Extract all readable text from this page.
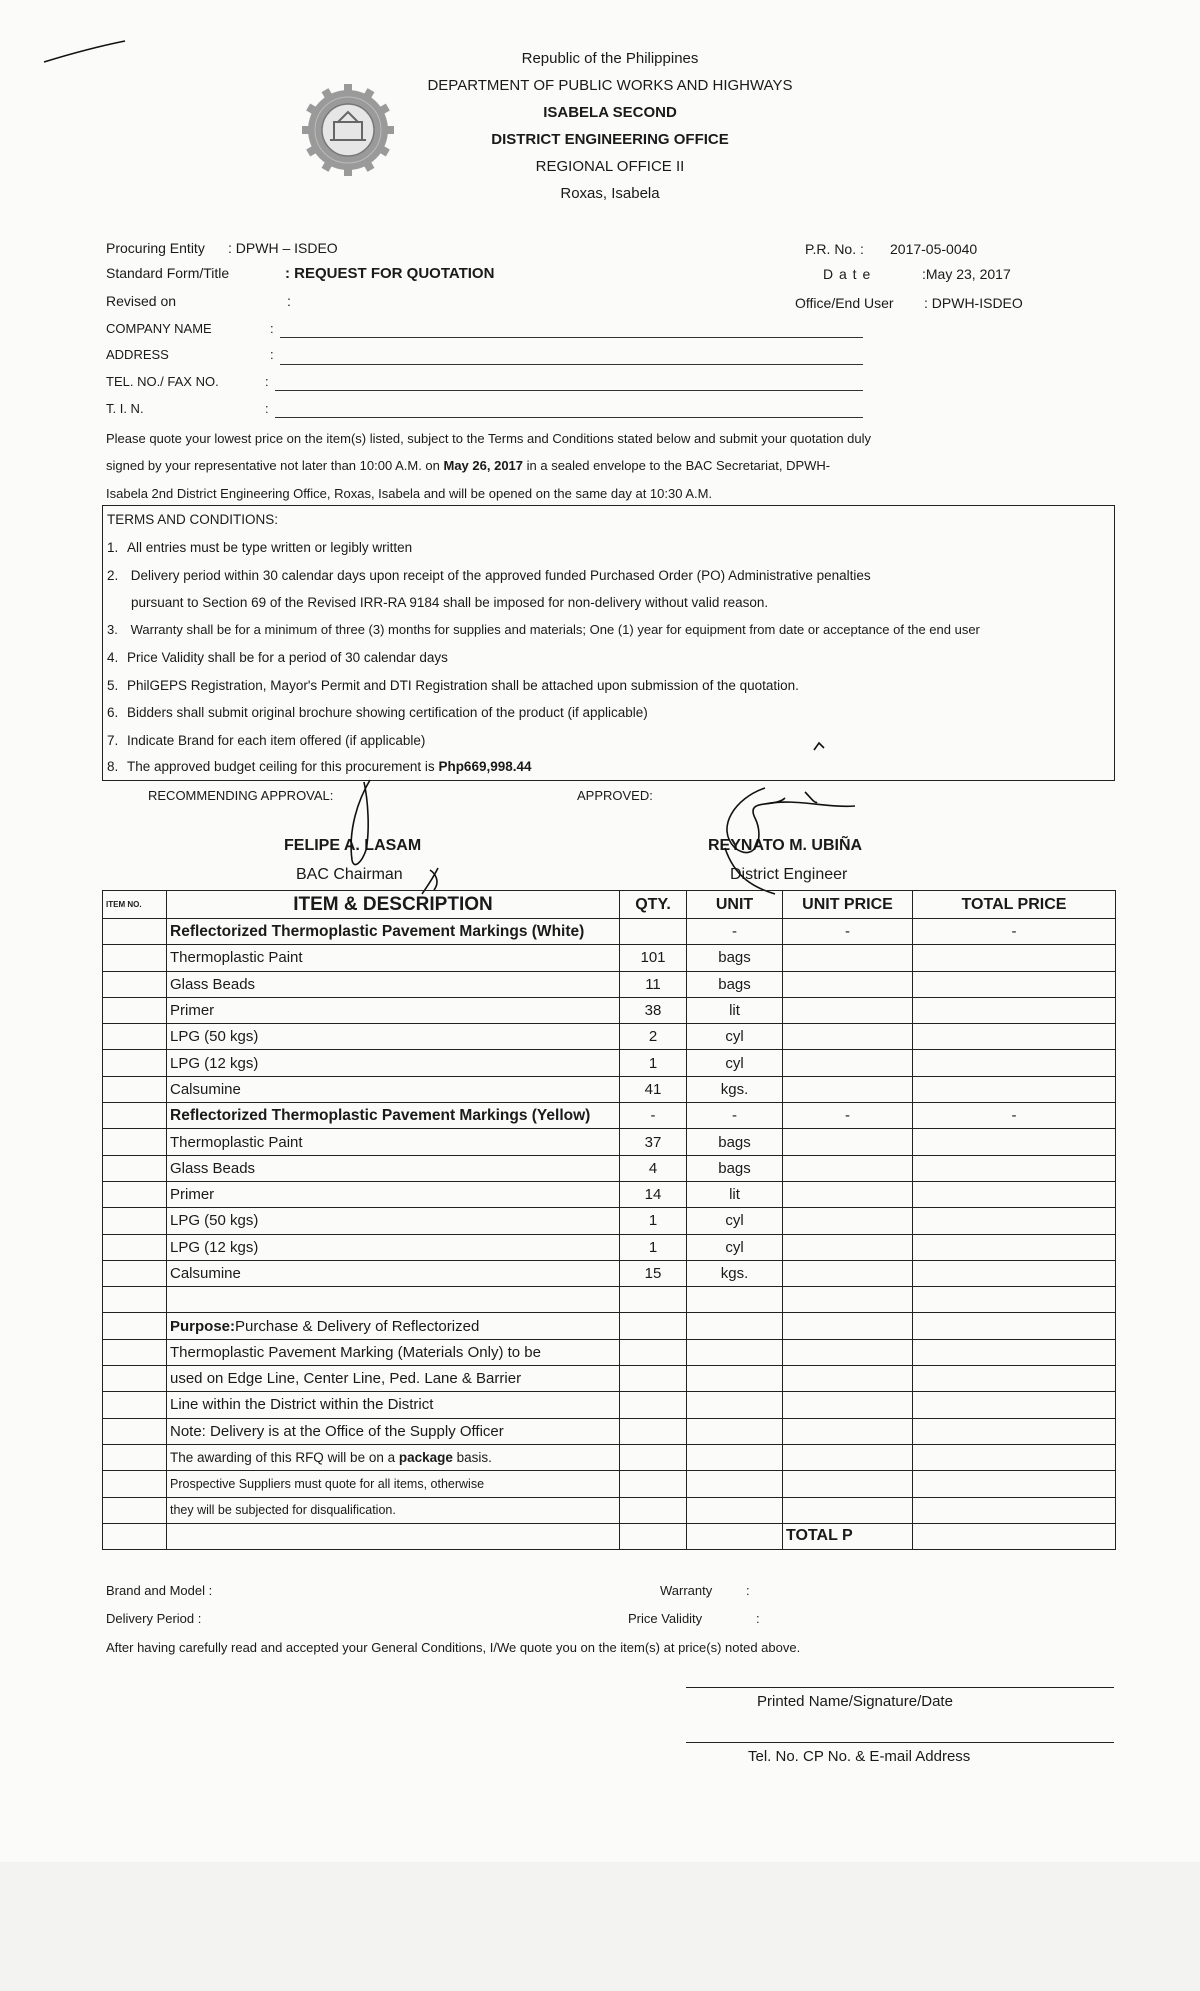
Republic of the Philippines
DEPARTMENT OF PUBLIC WORKS AND HIGHWAYS
ISABELA SECOND
DISTRICT ENGINEERING OFFICE
REGIONAL OFFICE II
Roxas, Isabela
Procuring Entity : DPWH – ISDEO
Standard Form/Title	: REQUEST FOR QUOTATION
Revised on	:
COMPANY NAME	:
ADDRESS	:
TEL. NO./ FAX NO.	:
T. I. N.	:
P.R. No. : 2017-05-0040
D a t e	:May 23, 2017
Office/End User : DPWH-ISDEO
Please quote your lowest price on the item(s) listed, subject to the Terms and Conditions stated below and submit your quotation duly
signed by your representative not later than 10:00 A.M. on May 26, 2017 in a sealed envelope to the BAC Secretariat, DPWH-
Isabela 2nd District Engineering Office, Roxas, Isabela and will be opened on the same day at 10:30 A.M.
TERMS AND CONDITIONS:
1. All entries must be type written or legibly written
2. Delivery period within 30 calendar days upon receipt of the approved funded Purchased Order (PO) Administrative penalties
pursuant to Section 69 of the Revised IRR-RA 9184 shall be imposed for non-delivery without valid reason.
3. Warranty shall be for a minimum of three (3) months for supplies and materials; One (1) year for equipment from date or acceptance of the end user
4. Price Validity shall be for a period of 30 calendar days
5. PhilGEPS Registration, Mayor's Permit and DTI Registration shall be attached upon submission of the quotation.
6. Bidders shall submit original brochure showing certification of the product (if applicable)
7. Indicate Brand for each item offered (if applicable)
8. The approved budget ceiling for this procurement is Php669,998.44
RECOMMENDING APPROVAL:	APPROVED:
FELIPE A. LASAM
BAC Chairman
REYNATO M. UBIÑA
District Engineer
ITEM NO.	ITEM & DESCRIPTION	QTY.	UNIT	UNIT PRICE	TOTAL PRICE
	Reflectorized Thermoplastic Pavement Markings (White)		-	-	-
	Thermoplastic Paint	101	bags		
	Glass Beads	11	bags		
	Primer	38	lit		
	LPG (50 kgs)	2	cyl		
	LPG (12 kgs)	1	cyl		
	Calsumine	41	kgs.		
	Reflectorized Thermoplastic Pavement Markings (Yellow)	-	-	-	-
	Thermoplastic Paint	37	bags		
	Glass Beads	4	bags		
	Primer	14	lit		
	LPG (50 kgs)	1	cyl		
	LPG (12 kgs)	1	cyl		
	Calsumine	15	kgs.		

	Purpose:Purchase & Delivery of Reflectorized				
	Thermoplastic Pavement Marking (Materials Only) to be				
	used on Edge Line, Center Line, Ped. Lane & Barrier				
	Line within the District within the District				
	Note: Delivery is at the Office of the Supply Officer				
	The awarding of this RFQ will be on a package basis.				
	Prospective Suppliers must quote for all items, otherwise				
	they will be subjected for disqualification.				
				TOTAL P	
Brand and Model :	Warranty	:
Delivery Period :	Price Validity	:
After having carefully read and accepted your General Conditions, I/We quote you on the item(s) at price(s) noted above.
Printed Name/Signature/Date
Tel. No. CP No. & E-mail Address
